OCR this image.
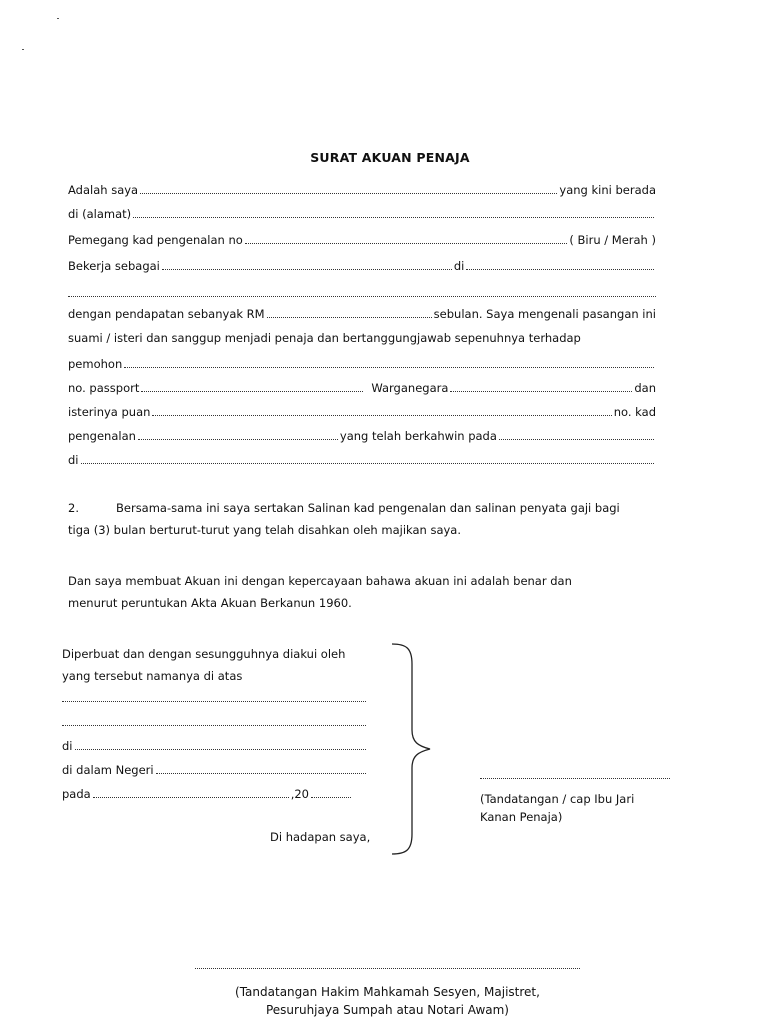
SURAT AKUAN PENAJA
Adalah saya	yang kini berada
di (alamat)
Pemegang kad pengenalan no	( Biru / Merah )
Bekerja sebagai	di
dengan pendapatan sebanyak RM	sebulan. Saya mengenali pasangan ini
suami / isteri dan sanggup menjadi penaja dan bertanggungjawab sepenuhnya terhadap
pemohon
no. passport	Warganegara	dan
isterinya puan	no. kad
pengenalan	yang telah berkahwin pada
di
2.	Bersama-sama ini saya sertakan Salinan kad pengenalan dan salinan penyata gaji bagi
tiga (3) bulan berturut-turut yang telah disahkan oleh majikan saya.
Dan saya membuat Akuan ini dengan kepercayaan bahawa akuan ini adalah benar dan
menurut peruntukan Akta Akuan Berkanun 1960.
Diperbuat dan dengan sesungguhnya diakui oleh
yang tersebut namanya di atas
di
di dalam Negeri
pada	,20
Di hadapan saya,
(Tandatangan / cap Ibu Jari
Kanan Penaja)
(Tandatangan Hakim Mahkamah Sesyen, Majistret,
Pesuruhjaya Sumpah atau Notari Awam)
